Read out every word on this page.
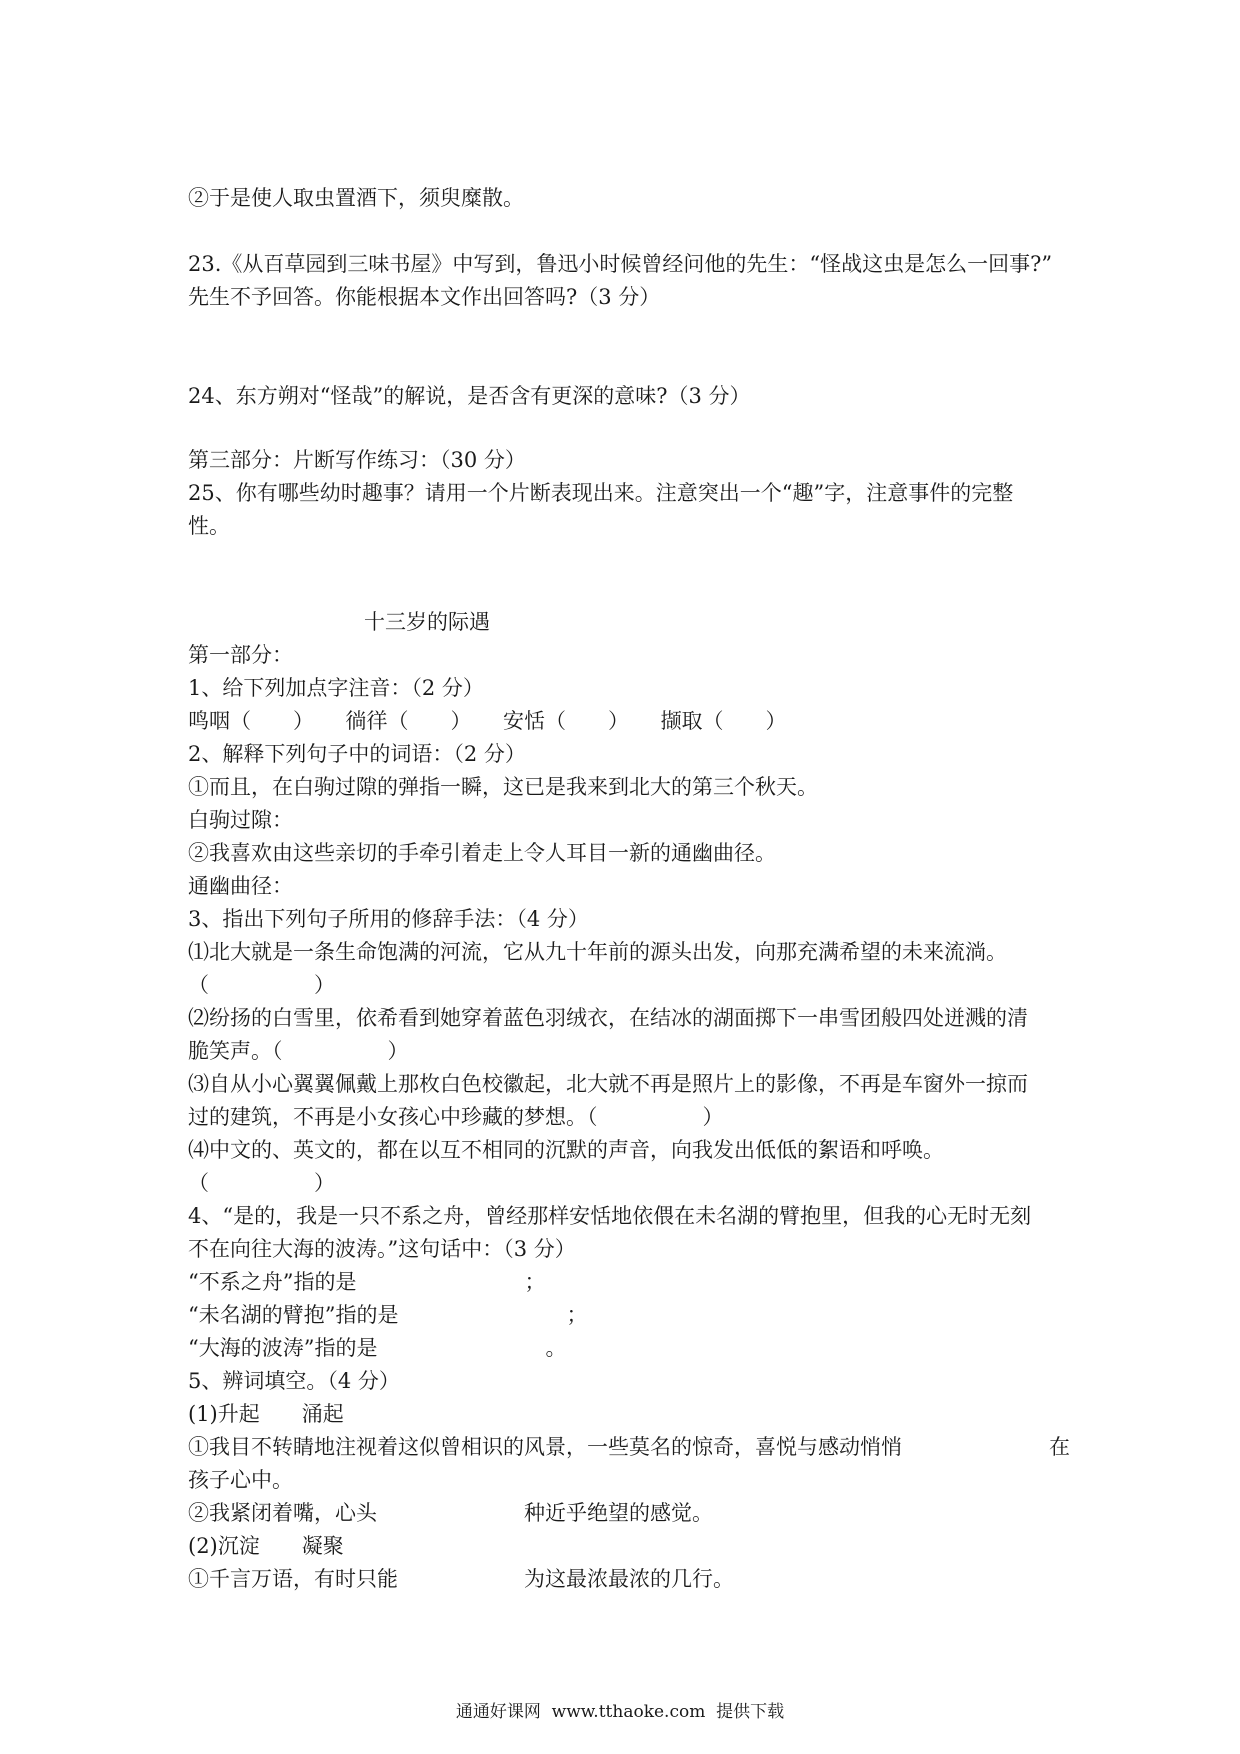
②于是使人取虫置酒下，须臾糜散。
23.《从百草园到三味书屋》中写到，鲁迅小时候曾经问他的先生：“怪战这虫是怎么一回事?”
先生不予回答。你能根据本文作出回答吗?（3 分）
24、东方朔对“怪哉”的解说，是否含有更深的意味?（3 分）
第三部分：片断写作练习：（30 分）
25、你有哪些幼时趣事？请用一个片断表现出来。注意突出一个“趣”字，注意事件的完整
性。
十三岁的际遇
第一部分：
1、给下列加点字注音：（2 分）
鸣咽（　　）　　徜徉（　　）　　安恬（　　）　　撷取（　　）
2、解释下列句子中的词语：（2 分）
①而且，在白驹过隙的弹指一瞬，这已是我来到北大的第三个秋天。
白驹过隙：
②我喜欢由这些亲切的手牵引着走上令人耳目一新的通幽曲径。
通幽曲径：
3、指出下列句子所用的修辞手法：（4 分）
⑴北大就是一条生命饱满的河流，它从九十年前的源头出发，向那充满希望的未来流淌。
（　　　　　）
⑵纷扬的白雪里，依希看到她穿着蓝色羽绒衣，在结冰的湖面掷下一串雪团般四处迸溅的清
脆笑声。（　　　　　）
⑶自从小心翼翼佩戴上那枚白色校徽起，北大就不再是照片上的影像，不再是车窗外一掠而
过的建筑，不再是小女孩心中珍藏的梦想。（　　　　　）
⑷中文的、英文的，都在以互不相同的沉默的声音，向我发出低低的絮语和呼唤。
（　　　　　）
4、“是的，我是一只不系之舟，曾经那样安恬地依偎在未名湖的臂抱里，但我的心无时无刻
不在向往大海的波涛。”这句话中：（3 分）
“不系之舟”指的是　　　　　　　　；
“未名湖的臂抱”指的是　　　　　　　　；
“大海的波涛”指的是　　　　　　　　。
5、辨词填空。（4 分）
(1)升起　　涌起
①我目不转睛地注视着这似曾相识的风景，一些莫名的惊奇，喜悦与感动悄悄　　　　　　　在
孩子心中。
②我紧闭着嘴，心头　　　　　　　种近乎绝望的感觉。
(2)沉淀　　凝聚
①千言万语，有时只能　　　　　　为这最浓最浓的几行。
通通好课网  www.tthaoke.com  提供下载
